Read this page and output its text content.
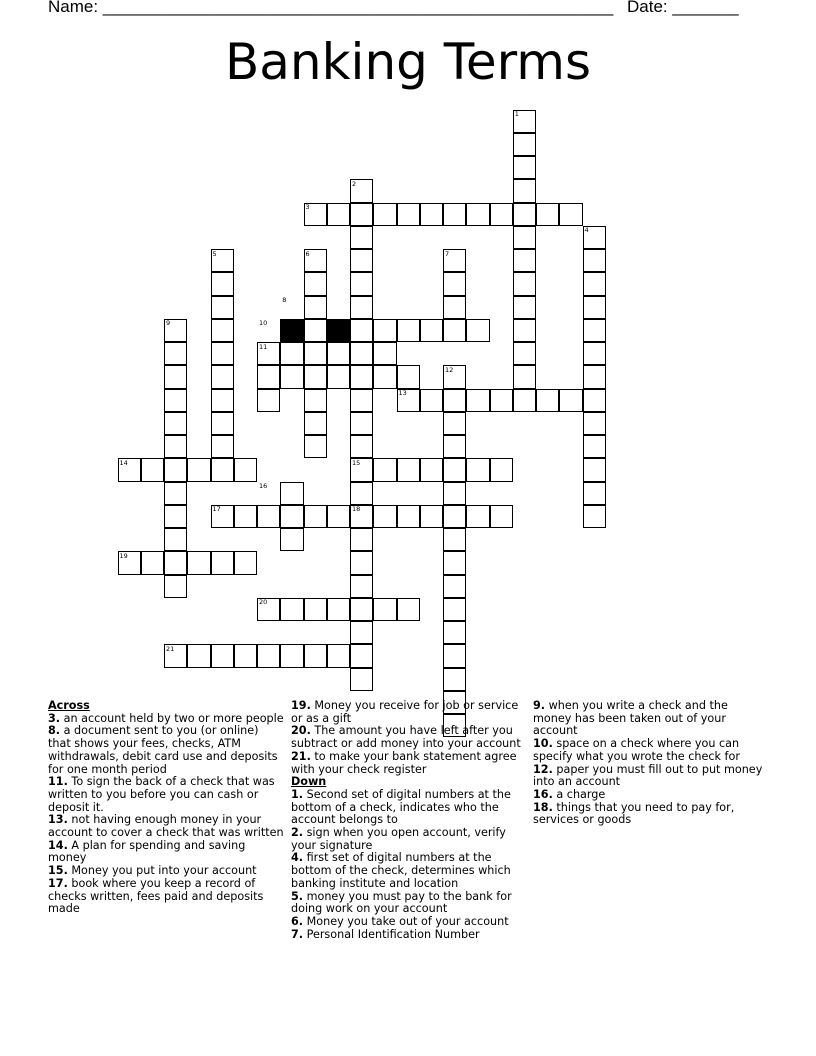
Name: ______________________________________________________ Date: _______
Banking Terms
1
2
3
4
5	6	7
8
9	10
11
12
13
14	15
16
17	18
19
20
21
Across
3. an account held by two or more people
8. a document sent to you (or online) that shows your fees, checks, ATM withdrawals, debit card use and deposits for one month period
11. To sign the back of a check that was written to you before you can cash or deposit it.
13. not having enough money in your account to cover a check that was written
14. A plan for spending and saving money
15. Money you put into your account
17. book where you keep a record of checks written, fees paid and deposits made
19. Money you receive for job or service or as a gift
20. The amount you have left after you subtract or add money into your account
21. to make your bank statement agree with your check register
Down
1. Second set of digital numbers at the bottom of a check, indicates who the account belongs to
2. sign when you open account, verify your signature
4. first set of digital numbers at the bottom of the check, determines which banking institute and location
5. money you must pay to the bank for doing work on your account
6. Money you take out of your account
7. Personal Identification Number
9. when you write a check and the money has been taken out of your account
10. space on a check where you can specify what you wrote the check for
12. paper you must fill out to put money into an account
16. a charge
18. things that you need to pay for, services or goods
